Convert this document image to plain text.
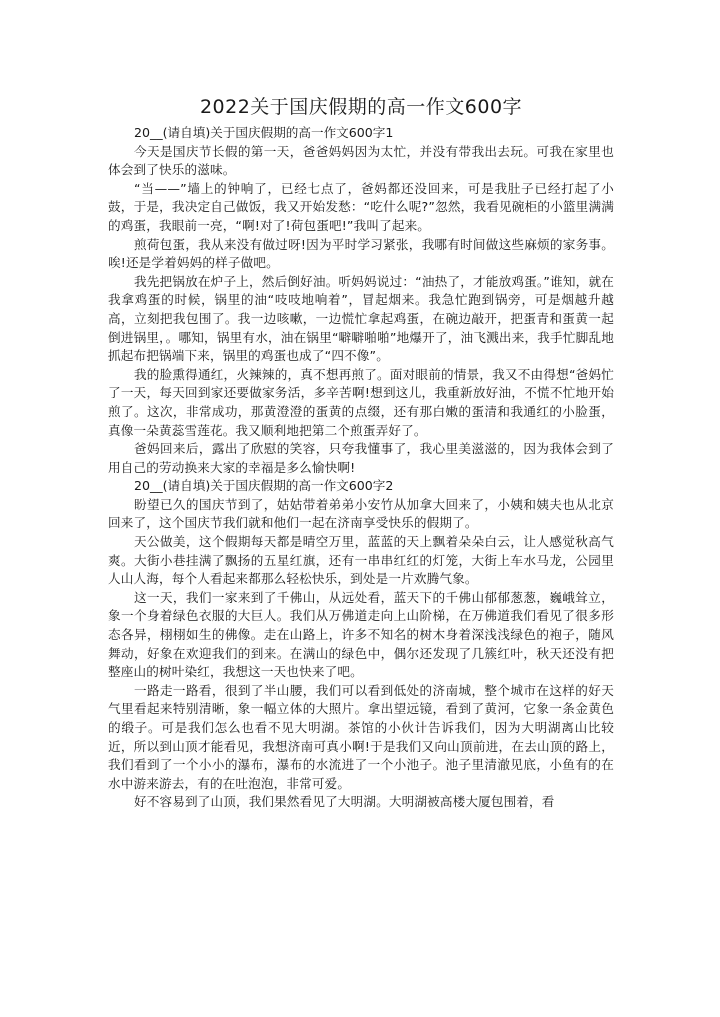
2022关于国庆假期的高一作文600字

20__(请自填)关于国庆假期的高一作文600字1

今天是国庆节长假的第一天，爸爸妈妈因为太忙，并没有带我出去玩。可我在家里也体会到了快乐的滋味。

“当——”墙上的钟响了，已经七点了，爸妈都还没回来，可是我肚子已经打起了小鼓，于是，我决定自己做饭，我又开始发愁：“吃什么呢?”忽然，我看见碗柜的小篮里满满的鸡蛋，我眼前一亮，“啊!对了!荷包蛋吧!”我叫了起来。

煎荷包蛋，我从来没有做过呀!因为平时学习紧张，我哪有时间做这些麻烦的家务事。唉!还是学着妈妈的样子做吧。

我先把锅放在炉子上，然后倒好油。听妈妈说过：“油热了，才能放鸡蛋。”谁知，就在我拿鸡蛋的时候，锅里的油“吱吱地响着”，冒起烟来。我急忙跑到锅旁，可是烟越升越高，立刻把我包围了。我一边咳嗽，一边慌忙拿起鸡蛋，在碗边敲开，把蛋青和蛋黄一起倒进锅里，。哪知，锅里有水，油在锅里“噼噼啪啪”地爆开了，油飞溅出来，我手忙脚乱地抓起布把锅端下来，锅里的鸡蛋也成了“四不像”。

我的脸熏得通红，火辣辣的，真不想再煎了。面对眼前的情景，我又不由得想“爸妈忙了一天，每天回到家还要做家务活，多辛苦啊!想到这儿，我重新放好油，不慌不忙地开始煎了。这次，非常成功，那黄澄澄的蛋黄的点缀，还有那白嫩的蛋清和我通红的小脸蛋，真像一朵黄蕊雪莲花。我又顺利地把第二个煎蛋弄好了。

爸妈回来后，露出了欣慰的笑容，只夸我懂事了，我心里美滋滋的，因为我体会到了用自己的劳动换来大家的幸福是多么愉快啊!

20__(请自填)关于国庆假期的高一作文600字2

盼望已久的国庆节到了，姑姑带着弟弟小安竹从加拿大回来了，小姨和姨夫也从北京回来了，这个国庆节我们就和他们一起在济南享受快乐的假期了。

天公做美，这个假期每天都是晴空万里，蓝蓝的天上飘着朵朵白云，让人感觉秋高气爽。大街小巷挂满了飘扬的五星红旗，还有一串串红红的灯笼，大街上车水马龙，公园里人山人海，每个人看起来都那么轻松快乐，到处是一片欢腾气象。

这一天，我们一家来到了千佛山，从远处看，蓝天下的千佛山郁郁葱葱，巍峨耸立，象一个身着绿色衣服的大巨人。我们从万佛道走向上山阶梯，在万佛道我们看见了很多形态各异，栩栩如生的佛像。走在山路上，许多不知名的树木身着深浅浅绿色的袍子，随风舞动，好象在欢迎我们的到来。在满山的绿色中，偶尔还发现了几簇红叶，秋天还没有把整座山的树叶染红，我想这一天也快来了吧。

一路走一路看，很到了半山腰，我们可以看到低处的济南城，整个城市在这样的好天气里看起来特别清晰，象一幅立体的大照片。拿出望远镜，看到了黄河，它象一条金黄色的缎子。可是我们怎么也看不见大明湖。茶馆的小伙计告诉我们，因为大明湖离山比较近，所以到山顶才能看见，我想济南可真小啊!于是我们又向山顶前进，在去山顶的路上，我们看到了一个小小的瀑布，瀑布的水流进了一个小池子。池子里清澈见底，小鱼有的在水中游来游去，有的在吐泡泡，非常可爱。

好不容易到了山顶，我们果然看见了大明湖。大明湖被高楼大厦包围着，看
